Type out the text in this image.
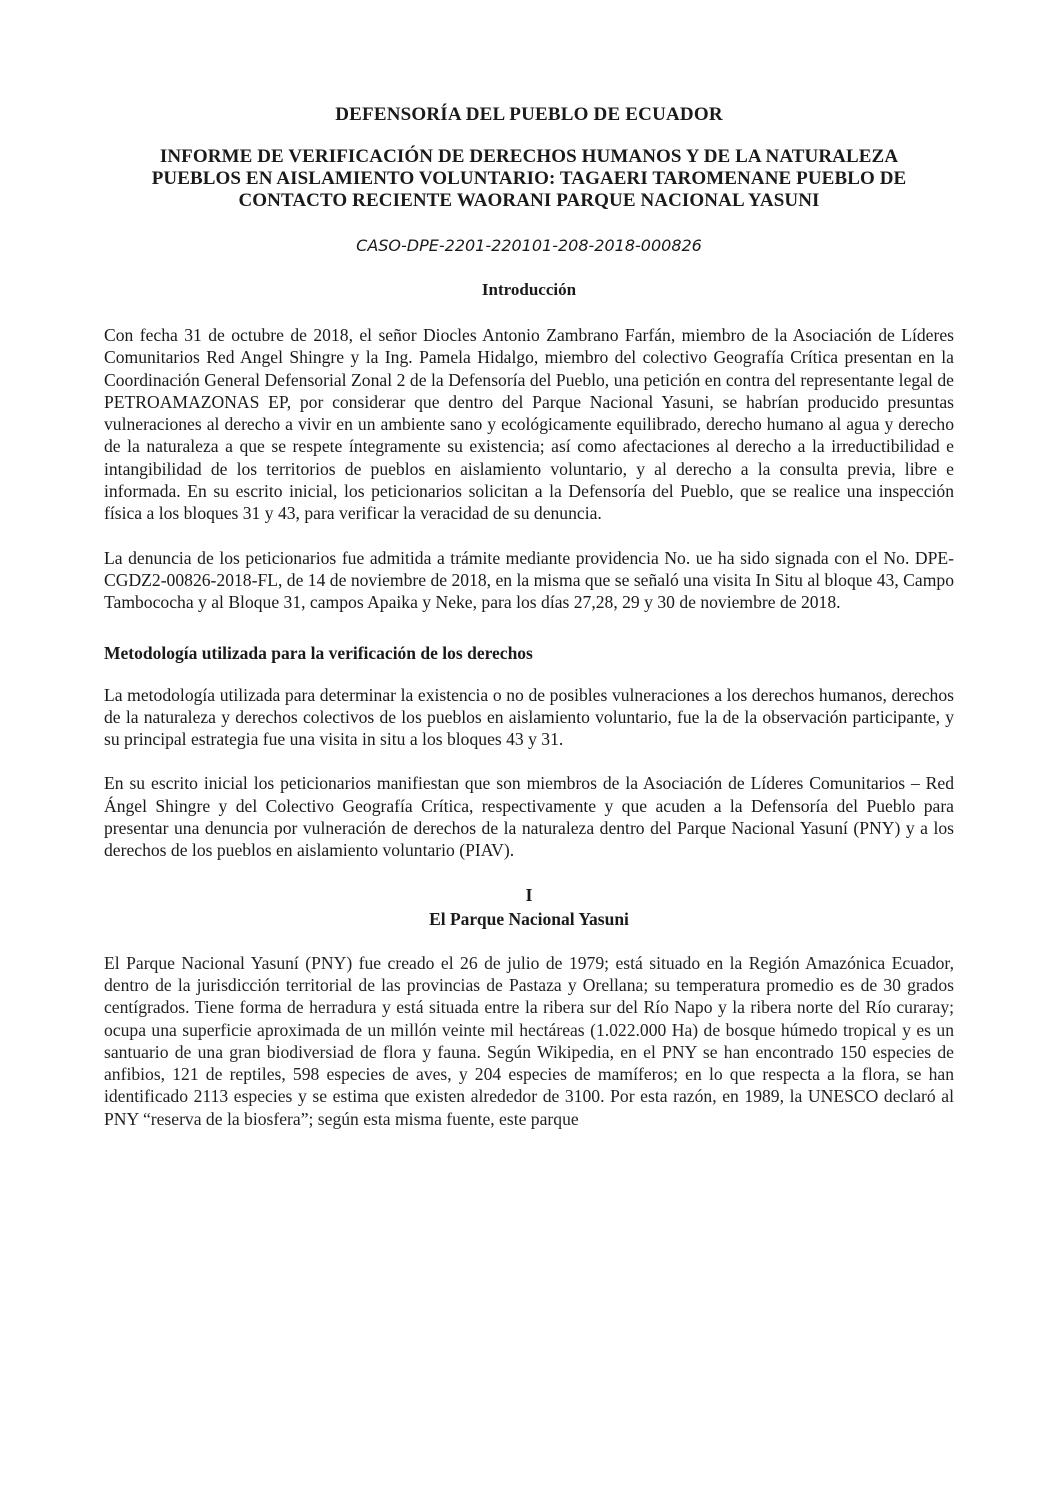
DEFENSORÍA DEL PUEBLO DE ECUADOR
INFORME DE VERIFICACIÓN DE DERECHOS HUMANOS Y DE LA NATURALEZA
PUEBLOS EN AISLAMIENTO VOLUNTARIO: TAGAERI TAROMENANE PUEBLO DE
CONTACTO RECIENTE WAORANI PARQUE NACIONAL YASUNI
CASO-DPE-2201-220101-208-2018-000826
Introducción

Con fecha 31 de octubre de 2018, el señor Diocles Antonio Zambrano Farfán, miembro de la Asociación de Líderes Comunitarios Red Angel Shingre y la Ing. Pamela Hidalgo, miembro del colectivo Geografía Crítica presentan en la Coordinación General Defensorial Zonal 2 de la Defensoría del Pueblo, una petición en contra del representante legal de PETROAMAZONAS EP, por considerar que dentro del Parque Nacional Yasuni, se habrían producido presuntas vulneraciones al derecho a vivir en un ambiente sano y ecológicamente equilibrado, derecho humano al agua y derecho de la naturaleza a que se respete íntegramente su existencia; así como afectaciones al derecho a la irreductibilidad e intangibilidad de los territorios de pueblos en aislamiento voluntario, y al derecho a la consulta previa, libre e informada. En su escrito inicial, los peticionarios solicitan a la Defensoría del Pueblo, que se realice una inspección física a los bloques 31 y 43, para verificar la veracidad de su denuncia.

La denuncia de los peticionarios fue admitida a trámite mediante providencia No. ue ha sido signada con el No. DPE-CGDZ2-00826-2018-FL, de 14 de noviembre de 2018, en la misma que se señaló una visita In Situ al bloque 43, Campo Tambococha y al Bloque 31, campos Apaika y Neke, para los días 27,28, 29 y 30 de noviembre de 2018.

Metodología utilizada para la verificación de los derechos

La metodología utilizada para determinar la existencia o no de posibles vulneraciones a los derechos humanos, derechos de la naturaleza y derechos colectivos de los pueblos en aislamiento voluntario, fue la de la observación participante, y su principal estrategia fue una visita in situ a los bloques 43 y 31.

En su escrito inicial los peticionarios manifiestan que son miembros de la Asociación de Líderes Comunitarios – Red Ángel Shingre y del Colectivo Geografía Crítica, respectivamente y que acuden a la Defensoría del Pueblo para presentar una denuncia por vulneración de derechos de la naturaleza dentro del Parque Nacional Yasuní (PNY) y a los derechos de los pueblos en aislamiento voluntario (PIAV).

I
El Parque Nacional Yasuni

El Parque Nacional Yasuní (PNY) fue creado el 26 de julio de 1979; está situado en la Región Amazónica Ecuador, dentro de la jurisdicción territorial de las provincias de Pastaza y Orellana; su temperatura promedio es de 30 grados centígrados. Tiene forma de herradura y está situada entre la ribera sur del Río Napo y la ribera norte del Río curaray; ocupa una superficie aproximada de un millón veinte mil hectáreas (1.022.000 Ha) de bosque húmedo tropical y es un santuario de una gran biodiversiad de flora y fauna. Según Wikipedia, en el PNY se han encontrado 150 especies de anfibios, 121 de reptiles, 598 especies de aves, y 204 especies de mamíferos; en lo que respecta a la flora, se han identificado 2113 especies y se estima que existen alrededor de 3100. Por esta razón, en 1989, la UNESCO declaró al PNY “reserva de la biosfera”; según esta misma fuente, este parque
